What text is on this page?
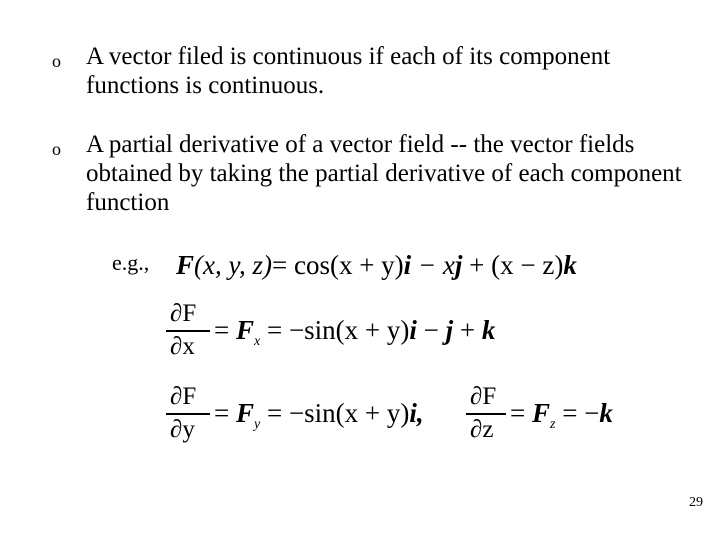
o A vector filed is continuous if each of its component functions is continuous.
o A partial derivative of a vector field -- the vector fields obtained by taking the partial derivative of each component function
e.g., F(x, y, z)= cos(x + y)i − xj + (x − z)k
∂F
∂x
= $F_x = -\sin(x + y)i - j + k$
∂F
∂y
= $F_y = -\sin(x + y)i$,
∂F
∂z
= $F_z = -k$
29
